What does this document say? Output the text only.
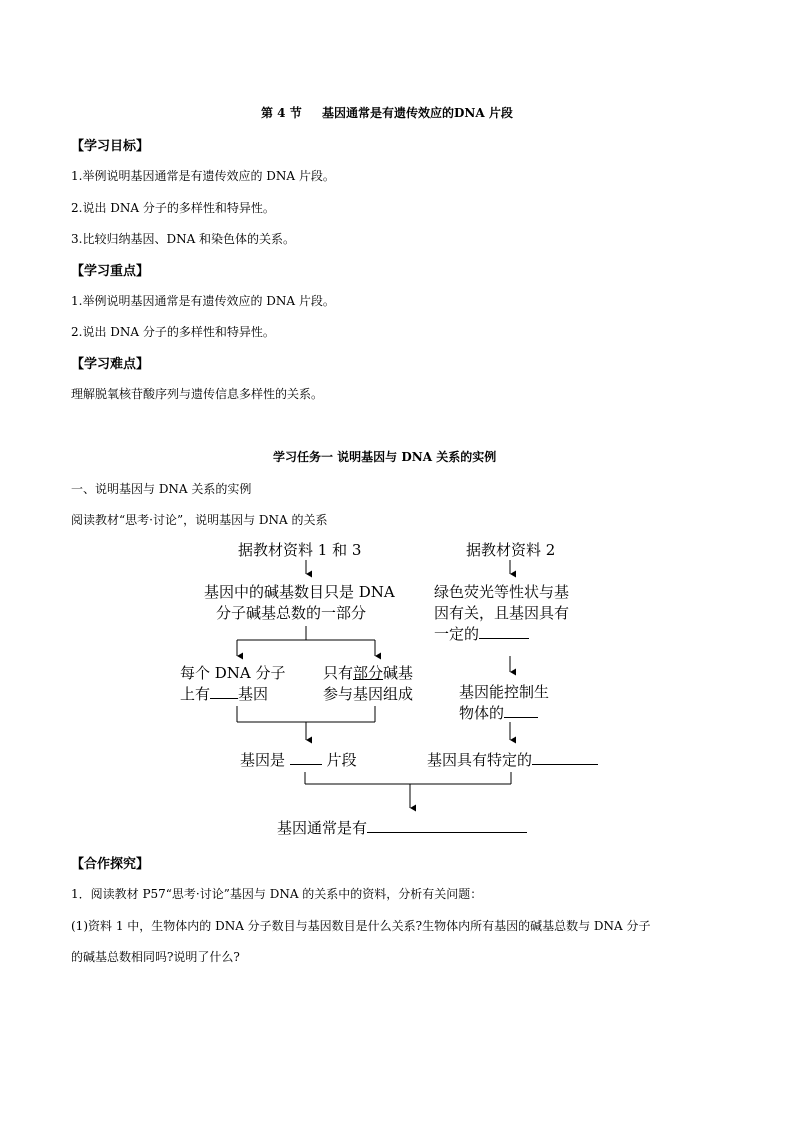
第 4 节 基因通常是有遗传效应的DNA 片段
【学习目标】
1.举例说明基因通常是有遗传效应的 DNA 片段。
2.说出 DNA 分子的多样性和特异性。
3.比较归纳基因、DNA 和染色体的关系。
【学习重点】
1.举例说明基因通常是有遗传效应的 DNA 片段。
2.说出 DNA 分子的多样性和特异性。
【学习难点】
理解脱氧核苷酸序列与遗传信息多样性的关系。
学习任务一 说明基因与 DNA 关系的实例
一、说明基因与 DNA 关系的实例
阅读教材“思考·讨论”，说明基因与 DNA 的关系
据教材资料 1 和 3	据教材资料 2
基因中的碱基数目只是 DNA
分子碱基总数的一部分
绿色荧光等性状与基
因有关，且基因具有
一定的
每个 DNA 分子
上有 基因
只有部分碱基
参与基因组成	基因能控制生
物体的
基因是	片段	基因具有特定的
基因通常是有
【合作探究】
1．阅读教材 P57“思考·讨论”基因与 DNA 的关系中的资料，分析有关问题：
(1)资料 1 中，生物体内的 DNA 分子数目与基因数目是什么关系?生物体内所有基因的碱基总数与 DNA 分子
的碱基总数相同吗?说明了什么?
